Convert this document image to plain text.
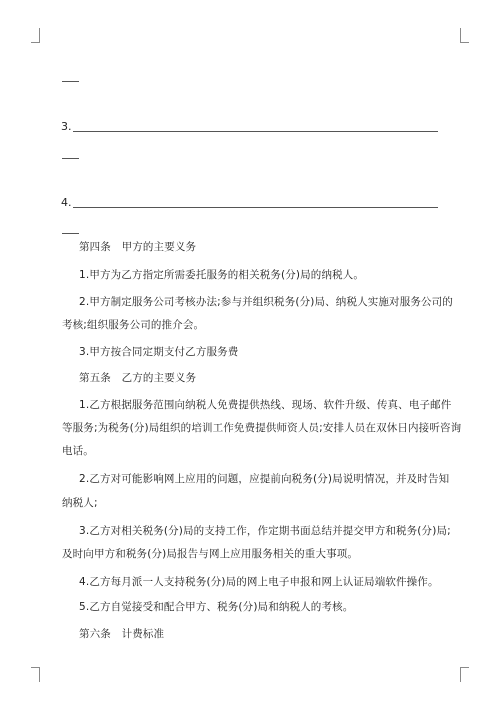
3.
4.

第四条　甲方的主要义务

1.甲方为乙方指定所需委托服务的相关税务(分)局的纳税人。

2.甲方制定服务公司考核办法;参与并组织税务(分)局、纳税人实施对服务公司的

考核;组织服务公司的推介会。

3.甲方按合同定期支付乙方服务费

第五条　乙方的主要义务

1.乙方根据服务范围向纳税人免费提供热线、现场、软件升级、传真、电子邮件

等服务;为税务(分)局组织的培训工作免费提供师资人员;安排人员在双休日内接听咨询

电话。

2.乙方对可能影响网上应用的问题，应提前向税务(分)局说明情况，并及时告知

纳税人;

3.乙方对相关税务(分)局的支持工作，作定期书面总结并提交甲方和税务(分)局;

及时向甲方和税务(分)局报告与网上应用服务相关的重大事项。

4.乙方每月派一人支持税务(分)局的网上电子申报和网上认证局端软件操作。

5.乙方自觉接受和配合甲方、税务(分)局和纳税人的考核。

第六条　计费标准
